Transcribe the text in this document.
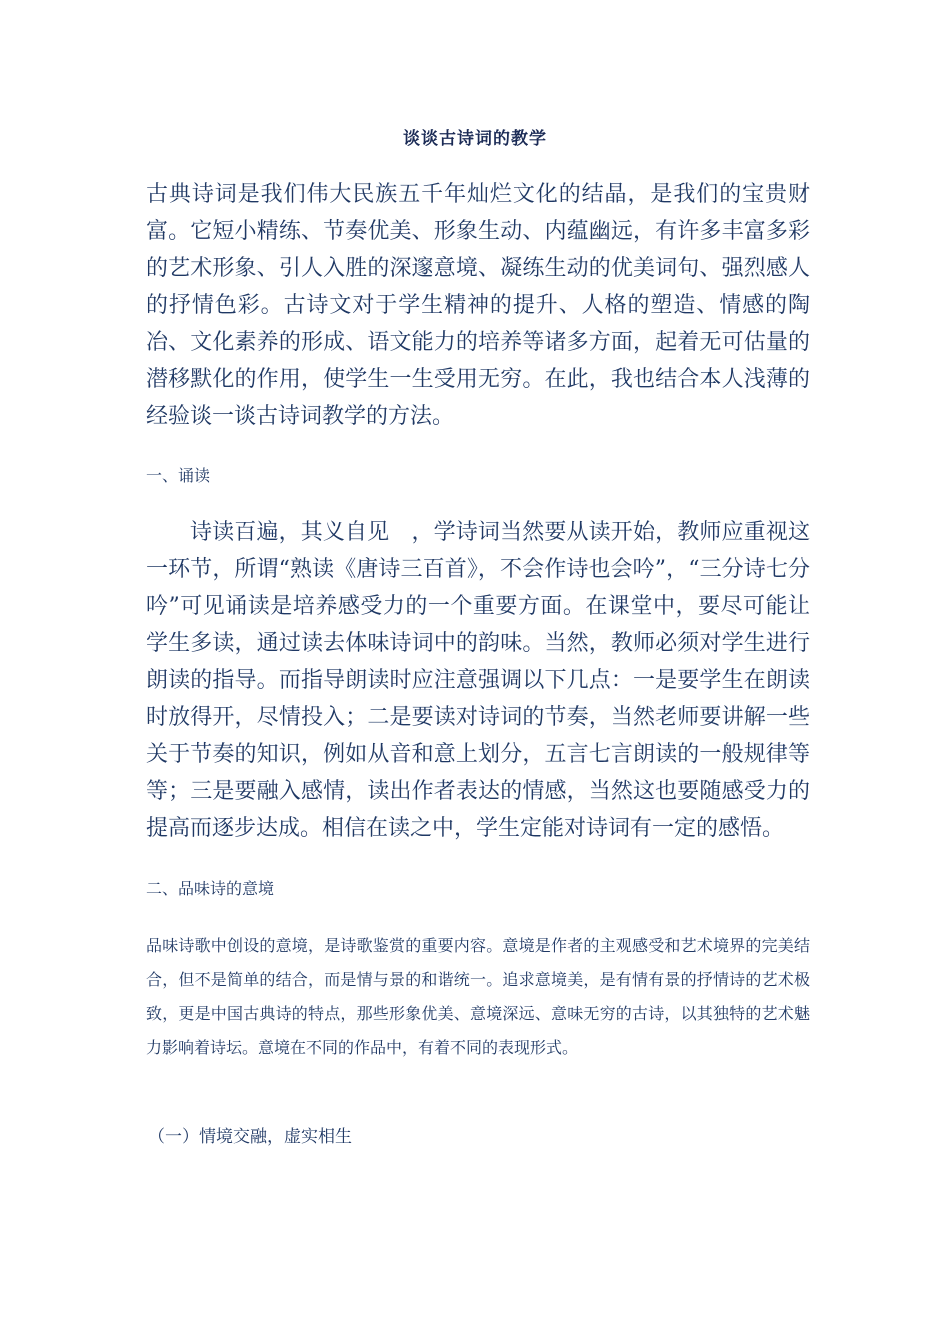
谈谈古诗词的教学

古典诗词是我们伟大民族五千年灿烂文化的结晶，是我们的宝贵财富。它短小精练、节奏优美、形象生动、内蕴幽远，有许多丰富多彩的艺术形象、引人入胜的深邃意境、凝练生动的优美词句、强烈感人的抒情色彩。古诗文对于学生精神的提升、人格的塑造、情感的陶冶、文化素养的形成、语文能力的培养等诸多方面，起着无可估量的潜移默化的作用，使学生一生受用无穷。在此，我也结合本人浅薄的经验谈一谈古诗词教学的方法。

一、诵读

诗读百遍，其义自见　，学诗词当然要从读开始，教师应重视这一环节，所谓“熟读《唐诗三百首》，不会作诗也会吟”，“三分诗七分吟”可见诵读是培养感受力的一个重要方面。在课堂中，要尽可能让学生多读，通过读去体味诗词中的韵味。当然，教师必须对学生进行朗读的指导。而指导朗读时应注意强调以下几点：一是要学生在朗读时放得开，尽情投入；二是要读对诗词的节奏，当然老师要讲解一些关于节奏的知识，例如从音和意上划分，五言七言朗读的一般规律等等；三是要融入感情，读出作者表达的情感，当然这也要随感受力的提高而逐步达成。相信在读之中，学生定能对诗词有一定的感悟。

二、品味诗的意境

品味诗歌中创设的意境，是诗歌鉴赏的重要内容。意境是作者的主观感受和艺术境界的完美结合，但不是简单的结合，而是情与景的和谐统一。追求意境美，是有情有景的抒情诗的艺术极致，更是中国古典诗的特点，那些形象优美、意境深远、意味无穷的古诗，以其独特的艺术魅力影响着诗坛。意境在不同的作品中，有着不同的表现形式。

（一）情境交融，虚实相生
